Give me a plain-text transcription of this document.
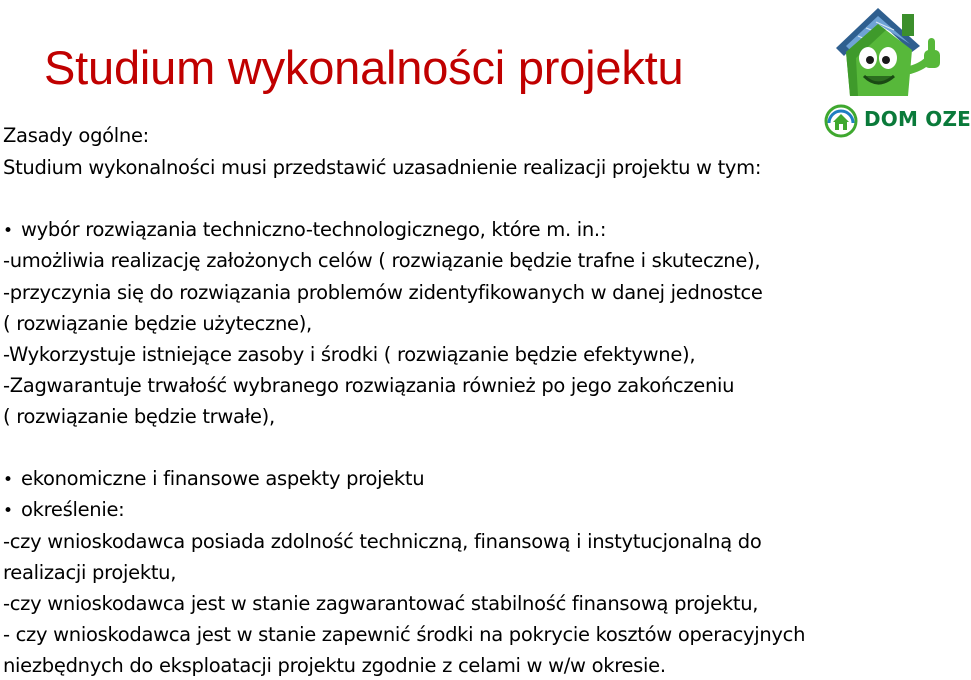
Studium wykonalności projektu
DOM OZE
Zasady ogólne:
Studium wykonalności musi przedstawić uzasadnienie realizacji projektu w tym:
• wybór rozwiązania techniczno-technologicznego, które m. in.:
-umożliwia realizację założonych celów ( rozwiązanie będzie trafne i skuteczne),
-przyczynia się do rozwiązania problemów zidentyfikowanych w danej jednostce
( rozwiązanie będzie użyteczne),
-Wykorzystuje istniejące zasoby i środki ( rozwiązanie będzie efektywne),
-Zagwarantuje trwałość wybranego rozwiązania również po jego zakończeniu
( rozwiązanie będzie trwałe),
• ekonomiczne i finansowe aspekty projektu
• określenie:
-czy wnioskodawca posiada zdolność techniczną, finansową i instytucjonalną do
realizacji projektu,
-czy wnioskodawca jest w stanie zagwarantować stabilność finansową projektu,
- czy wnioskodawca jest w stanie zapewnić środki na pokrycie kosztów operacyjnych
niezbędnych do eksploatacji projektu zgodnie z celami w w/w okresie.
